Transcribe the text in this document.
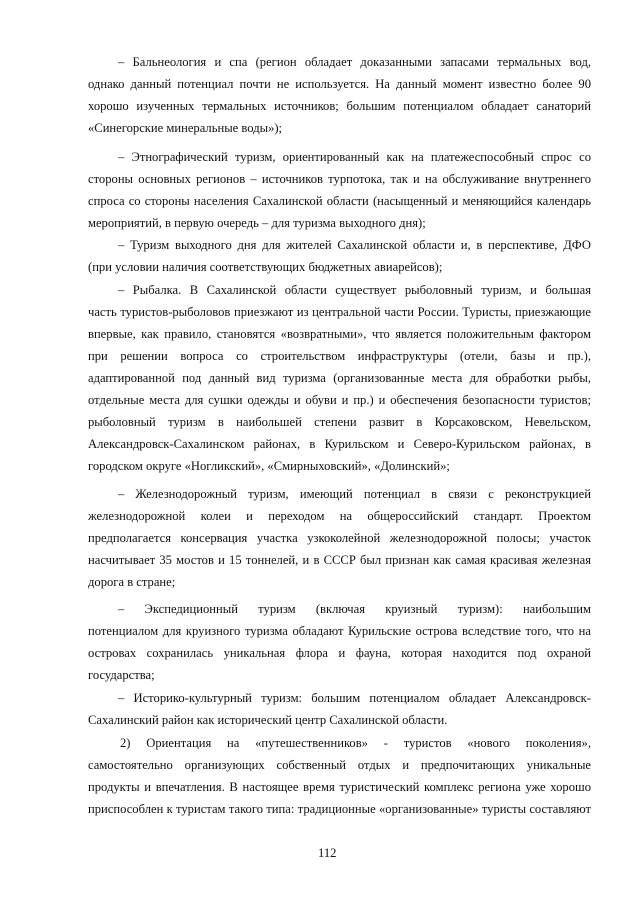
– Бальнеология и спа (регион обладает доказанными запасами термальных вод,
однако данный потенциал почти не используется. На данный момент известно более 90
хорошо изученных термальных источников; большим потенциалом обладает санаторий
«Синегорские минеральные воды»);
– Этнографический туризм, ориентированный как на платежеспособный спрос со
стороны основных регионов – источников турпотока, так и на обслуживание внутреннего
спроса со стороны населения Сахалинской области (насыщенный и меняющийся календарь
мероприятий, в первую очередь – для туризма выходного дня);
– Туризм выходного дня для жителей Сахалинской области и, в перспективе, ДФО
(при условии наличия соответствующих бюджетных авиарейсов);
– Рыбалка. В Сахалинской области существует рыболовный туризм, и большая
часть туристов-рыболовов приезжают из центральной части России. Туристы, приезжающие
впервые, как правило, становятся «возвратными», что является положительным фактором
при решении вопроса со строительством инфраструктуры (отели, базы и пр.),
адаптированной под данный вид туризма (организованные места для обработки рыбы,
отдельные места для сушки одежды и обуви и пр.) и обеспечения безопасности туристов;
рыболовный туризм в наибольшей степени развит в Корсаковском, Невельском,
Александровск-Сахалинском районах, в Курильском и Северо-Курильском районах, в
городском округе «Ногликский», «Смирныховский», «Долинский»;
– Железнодорожный туризм, имеющий потенциал в связи с реконструкцией
железнодорожной колеи и переходом на общероссийский стандарт. Проектом
предполагается консервация участка узкоколейной железнодорожной полосы; участок
насчитывает 35 мостов и 15 тоннелей, и в СССР был признан как самая красивая железная
дорога в стране;
– Экспедиционный туризм (включая круизный туризм): наибольшим
потенциалом для круизного туризма обладают Курильские острова вследствие того, что на
островах сохранилась уникальная флора и фауна, которая находится под охраной
государства;
– Историко-культурный туризм: большим потенциалом обладает Александровск-
Сахалинский район как исторический центр Сахалинской области.
2) Ориентация на «путешественников» - туристов «нового поколения»,
самостоятельно организующих собственный отдых и предпочитающих уникальные
продукты и впечатления. В настоящее время туристический комплекс региона уже хорошо
приспособлен к туристам такого типа: традиционные «организованные» туристы составляют
112
